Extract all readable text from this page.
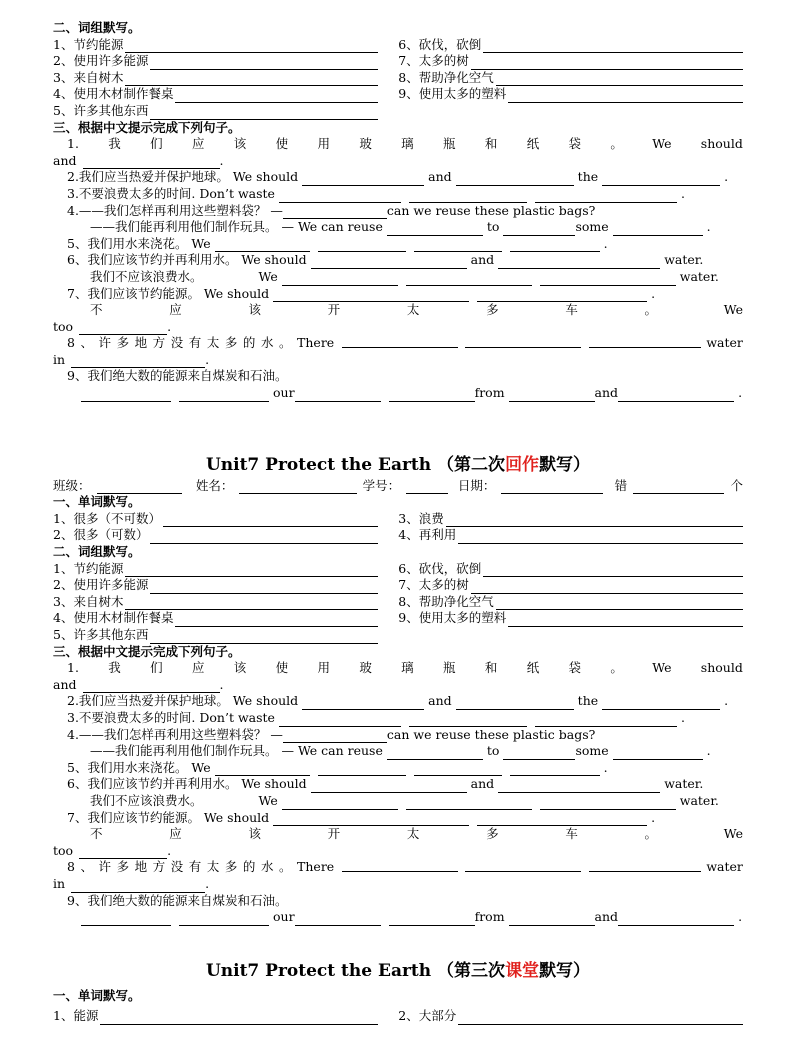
二、词组默写。
1、节约能源	6、砍伐，砍倒
2、使用许多能源	7、太多的树
3、来自树木	8、帮助净化空气
4、使用木材制作餐桌	9、使用太多的塑料
5、许多其他东西
三、根据中文提示完成下列句子。
1. 我 们 应 该 使 用 玻 璃 瓶 和 纸 袋 。 We should
and	.
2.我们应当热爱并保护地球。 We should	and	the	.
3.不要浪费太多的时间. Don’t waste	.
4.——我们怎样再利用这些塑料袋？ —	can we reuse these plastic bags?
——我们能再利用他们制作玩具。 — We can reuse	to	some	.
5、我们用水来浇花。 We	.
6、我们应该节约并再利用水。 We should	and	water.
我们不应该浪费水。	We	water.
7、我们应该节约能源。 We should	.
不	应	该	开	太	多	车	。	We
too	.
8 、 许 多 地 方 没 有 太 多 的 水 。 There	water
in	.
9、我们绝大数的能源来自煤炭和石油。
our	from	and	.
Unit7 Protect the Earth （第二次回作默写）
班级：	姓名：	学号：	日期：	错	个
一、单词默写。
1、很多（不可数）	3、浪费
2、很多（可数）	4、再利用
二、词组默写。
1、节约能源	6、砍伐，砍倒
2、使用许多能源	7、太多的树
3、来自树木	8、帮助净化空气
4、使用木材制作餐桌	9、使用太多的塑料
5、许多其他东西
三、根据中文提示完成下列句子。
1. 我 们 应 该 使 用 玻 璃 瓶 和 纸 袋 。 We should
and	.
2.我们应当热爱并保护地球。 We should	and	the	.
3.不要浪费太多的时间. Don’t waste	.
4.——我们怎样再利用这些塑料袋？ —	can we reuse these plastic bags?
——我们能再利用他们制作玩具。 — We can reuse	to	some	.
5、我们用水来浇花。 We	.
6、我们应该节约并再利用水。 We should	and	water.
我们不应该浪费水。	We	water.
7、我们应该节约能源。 We should	.
不	应	该	开	太	多	车	。	We
too	.
8 、 许 多 地 方 没 有 太 多 的 水 。 There	water
in	.
9、我们绝大数的能源来自煤炭和石油。
our	from	and	.
Unit7 Protect the Earth （第三次课堂默写）
一、单词默写。
1、能源	2、大部分
